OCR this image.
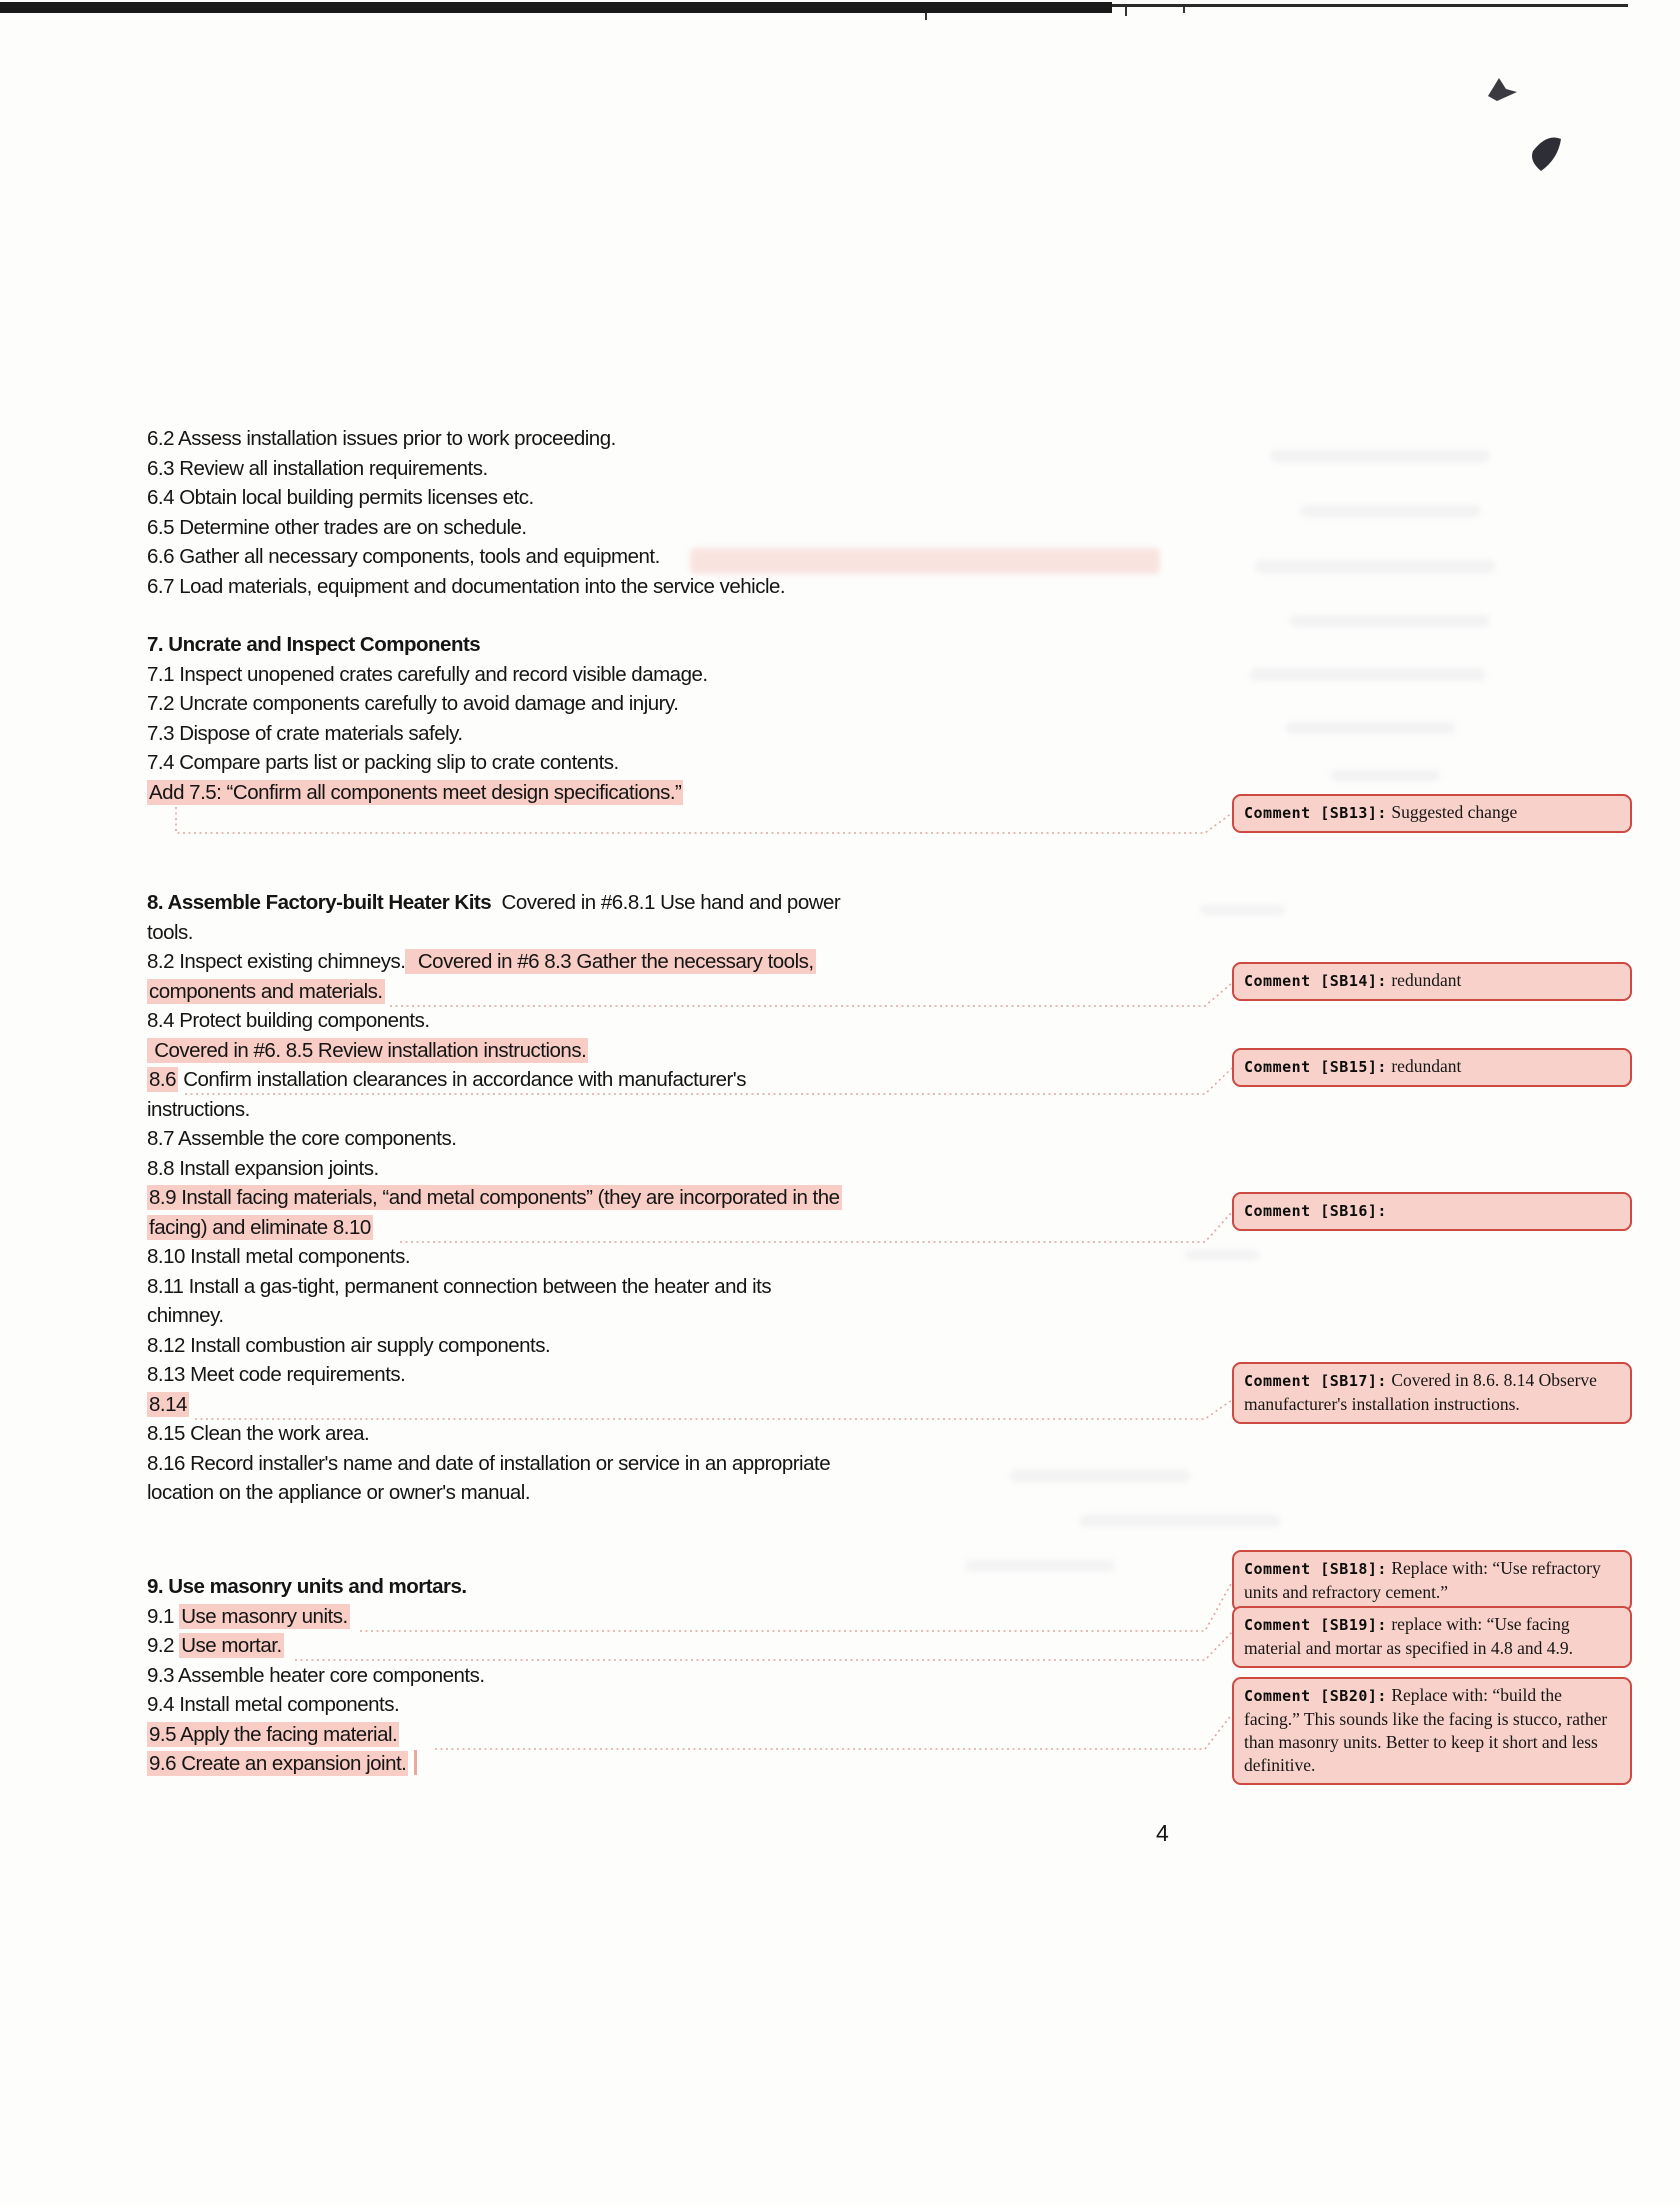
6.2 Assess installation issues prior to work proceeding.
6.3 Review all installation requirements.
6.4 Obtain local building permits licenses etc.
6.5 Determine other trades are on schedule.
6.6 Gather all necessary components, tools and equipment.
6.7 Load materials, equipment and documentation into the service vehicle.
7. Uncrate and Inspect Components
7.1 Inspect unopened crates carefully and record visible damage.
7.2 Uncrate components carefully to avoid damage and injury.
7.3 Dispose of crate materials safely.
7.4 Compare parts list or packing slip to crate contents.
Add 7.5: “Confirm all components meet design specifications.”
8. Assemble Factory-built Heater Kits  Covered in #6.8.1 Use hand and power
tools.
8.2 Inspect existing chimneys.  Covered in #6 8.3 Gather the necessary tools,
components and materials.
8.4 Protect building components.
Covered in #6. 8.5 Review installation instructions.
8.6 Confirm installation clearances in accordance with manufacturer's
instructions.
8.7 Assemble the core components.
8.8 Install expansion joints.
8.9 Install facing materials, “and metal components” (they are incorporated in the
facing) and eliminate 8.10
8.10 Install metal components.
8.11 Install a gas-tight, permanent connection between the heater and its
chimney.
8.12 Install combustion air supply components.
8.13 Meet code requirements.
8.14
8.15 Clean the work area.
8.16 Record installer's name and date of installation or service in an appropriate
location on the appliance or owner's manual.
9. Use masonry units and mortars.
9.1 Use masonry units.
9.2 Use mortar.
9.3 Assemble heater core components.
9.4 Install metal components.
9.5 Apply the facing material.
9.6 Create an expansion joint.
Comment [SB13]: Suggested change
Comment [SB14]: redundant
Comment [SB15]: redundant
Comment [SB16]:
Comment [SB17]: Covered in 8.6. 8.14 Observe manufacturer's installation instructions.
Comment [SB18]: Replace with: “Use refractory units and refractory cement.”
Comment [SB19]: replace with: “Use facing material and mortar as specified in 4.8 and 4.9.
Comment [SB20]: Replace with: “build the facing.” This sounds like the facing is stucco, rather than masonry units. Better to keep it short and less definitive.
4
